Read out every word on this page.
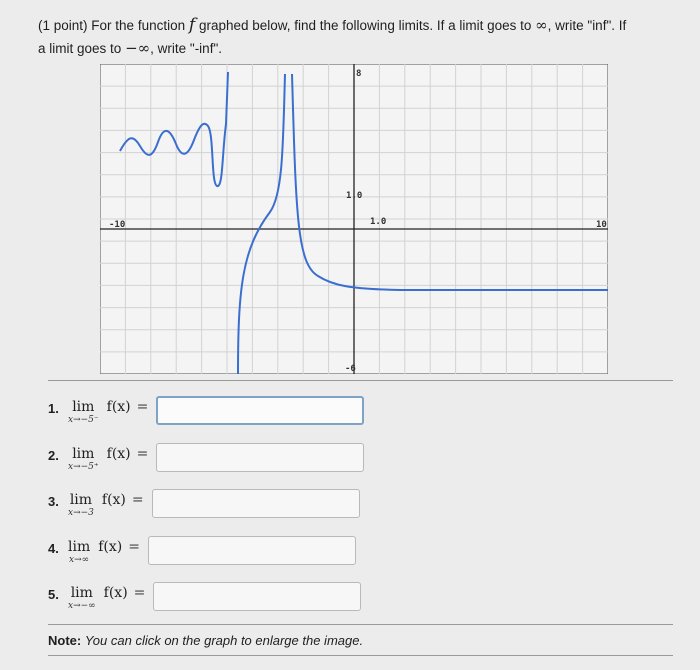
(1 point) For the function f graphed below, find the following limits. If a limit goes to ∞, write "inf". If
a limit goes to −∞, write "-inf".
-10	10
8
-6
1.0
1.0
1. lim
x→−5⁻
f(x) =
2. lim
x→−5⁺
f(x) =
3. lim
x→−3
f(x) =
4. lim
x→∞
f(x) =
5. lim
x→−∞
f(x) =
Note: You can click on the graph to enlarge the image.
